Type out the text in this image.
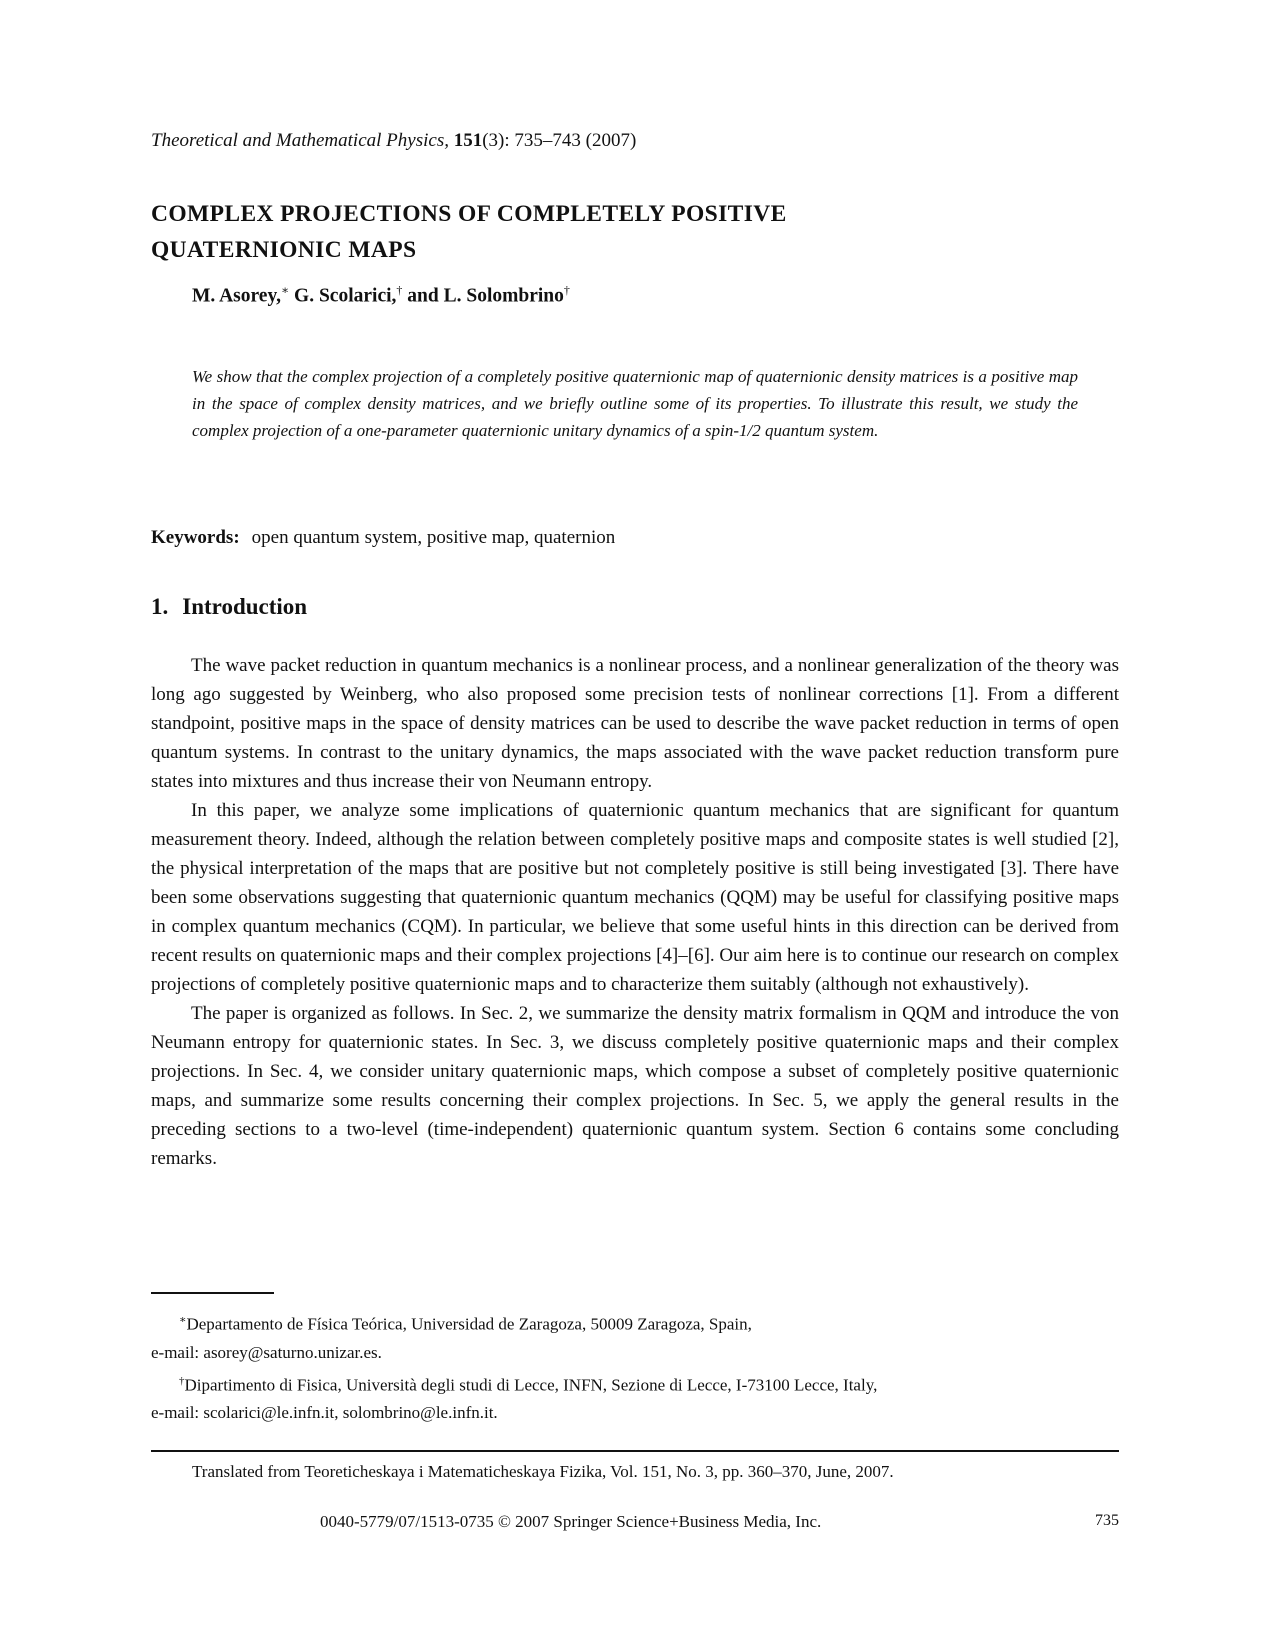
Theoretical and Mathematical Physics, 151(3): 735–743 (2007)
COMPLEX PROJECTIONS OF COMPLETELY POSITIVE
QUATERNIONIC MAPS
M. Asorey,∗ G. Scolarici,† and L. Solombrino†
We show that the complex projection of a completely positive quaternionic map of quaternionic density matrices is a positive map in the space of complex density matrices, and we briefly outline some of its properties. To illustrate this result, we study the complex projection of a one-parameter quaternionic unitary dynamics of a spin-1/2 quantum system.
Keywords: open quantum system, positive map, quaternion
1. Introduction

The wave packet reduction in quantum mechanics is a nonlinear process, and a nonlinear generalization of the theory was long ago suggested by Weinberg, who also proposed some precision tests of nonlinear corrections [1]. From a different standpoint, positive maps in the space of density matrices can be used to describe the wave packet reduction in terms of open quantum systems. In contrast to the unitary dynamics, the maps associated with the wave packet reduction transform pure states into mixtures and thus increase their von Neumann entropy.

In this paper, we analyze some implications of quaternionic quantum mechanics that are significant for quantum measurement theory. Indeed, although the relation between completely positive maps and composite states is well studied [2], the physical interpretation of the maps that are positive but not completely positive is still being investigated [3]. There have been some observations suggesting that quaternionic quantum mechanics (QQM) may be useful for classifying positive maps in complex quantum mechanics (CQM). In particular, we believe that some useful hints in this direction can be derived from recent results on quaternionic maps and their complex projections [4]–[6]. Our aim here is to continue our research on complex projections of completely positive quaternionic maps and to characterize them suitably (although not exhaustively).

The paper is organized as follows. In Sec. 2, we summarize the density matrix formalism in QQM and introduce the von Neumann entropy for quaternionic states. In Sec. 3, we discuss completely positive quaternionic maps and their complex projections. In Sec. 4, we consider unitary quaternionic maps, which compose a subset of completely positive quaternionic maps, and summarize some results concerning their complex projections. In Sec. 5, we apply the general results in the preceding sections to a two-level (time-independent) quaternionic quantum system. Section 6 contains some concluding remarks.

∗Departamento de Física Teórica, Universidad de Zaragoza, 50009 Zaragoza, Spain,

e-mail: asorey@saturno.unizar.es.

†Dipartimento di Fisica, Università degli studi di Lecce, INFN, Sezione di Lecce, I-73100 Lecce, Italy,

e-mail: scolarici@le.infn.it, solombrino@le.infn.it.
Translated from Teoreticheskaya i Matematicheskaya Fizika, Vol. 151, No. 3, pp. 360–370, June, 2007.
0040-5779/07/1513-0735 © 2007 Springer Science+Business Media, Inc.	735
